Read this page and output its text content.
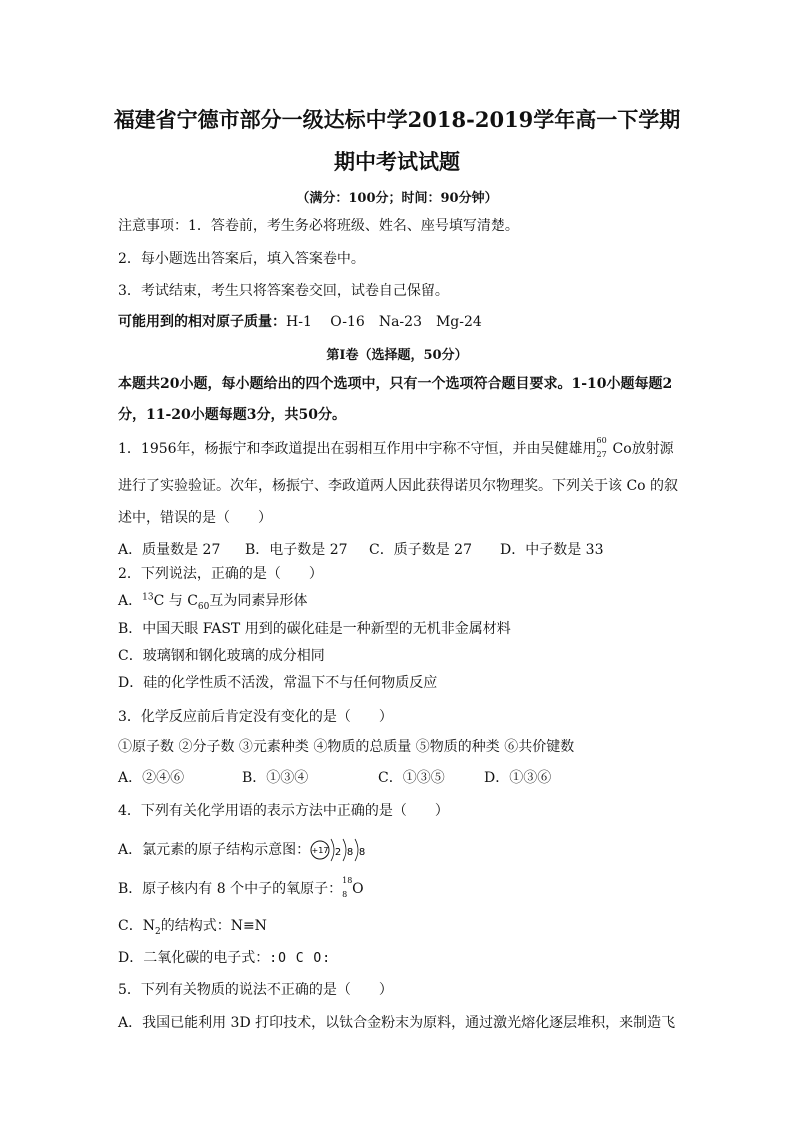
福建省宁德市部分一级达标中学2018-2019学年高一下学期
期中考试试题
（满分：100分；时间：90分钟）
注意事项：1．答卷前，考生务必将班级、姓名、座号填写清楚。
2．每小题选出答案后，填入答案卷中。
3．考试结束，考生只将答案卷交回，试卷自己保留。
可能用到的相对原子质量：H-1　 O-16　Na-23　Mg-24
第Ⅰ卷（选择题，50分）
本题共20小题，每小题给出的四个选项中，只有一个选项符合题目要求。1-10小题每题2
分，11-20小题每题3分，共50分。
1．1956年，杨振宁和李政道提出在弱相互作用中宇称不守恒，并由吴健雄用
60
27 Co放射源
进行了实验验证。次年，杨振宁、李政道两人因此获得诺贝尔物理奖。下列关于该 Co 的叙
述中，错误的是（　　）
A．质量数是 27 B．电子数是 27 C．质子数是 27 D．中子数是 33
2．下列说法，正确的是（　　）
A．$^{13}$C 与 $C_{60}$互为同素异形体
B．中国天眼 FAST 用到的碳化硅是一种新型的无机非金属材料
C．玻璃钢和钢化玻璃的成分相同
D．硅的化学性质不活泼，常温下不与任何物质反应
3．化学反应前后肯定没有变化的是（　　）
①原子数 ②分子数 ③元素种类 ④物质的总质量 ⑤物质的种类 ⑥共价键数
A．②④⑥	B．①③④	C．①③⑤	D．①③⑥
4．下列有关化学用语的表示方法中正确的是（　　）
A．氯元素的原子结构示意图： +17 2 8 8
B．原子核内有 8 个中子的氧原子：
18
8 O
C．$N_2$的结构式：N≡N
D．二氧化碳的电子式：:O C O:
5．下列有关物质的说法不正确的是（　　）
A．我国已能利用 3D 打印技术，以钛合金粉末为原料，通过激光熔化逐层堆积，来制造飞
